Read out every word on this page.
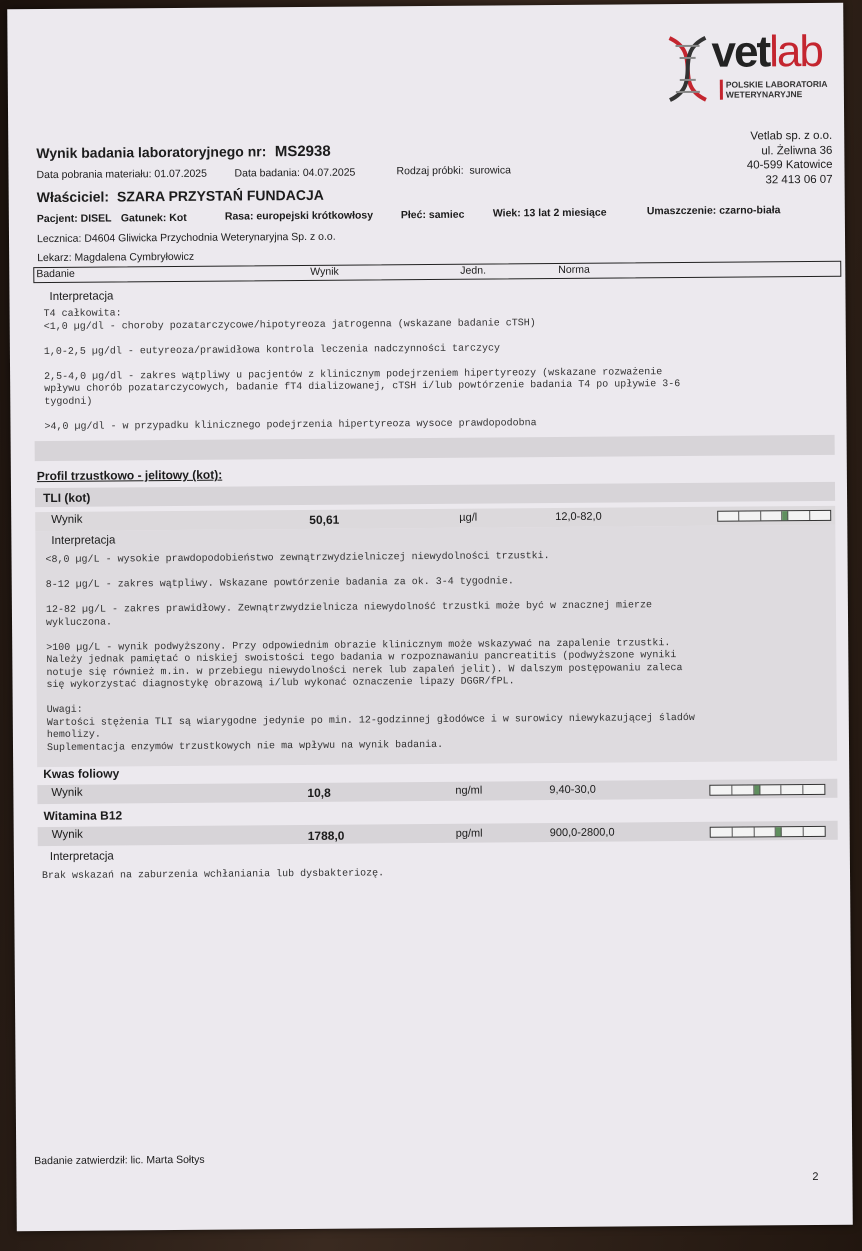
vetlab
POLSKIE LABORATORIA
WETERYNARYJNE
Vetlab sp. z o.o.
ul. Żeliwna 36
40-599 Katowice
32 413 06 07
Wynik badania laboratoryjnego nr: MS2938
Data pobrania materiału: 01.07.2025	Data badania: 04.07.2025	Rodzaj próbki: surowica
Właściciel: SZARA PRZYSTAŃ FUNDACJA
Pacjent: DISEL Gatunek: Kot	Rasa: europejski krótkowłosy	Płeć: samiec	Wiek: 13 lat 2 miesiące	Umaszczenie: czarno-biała
Lecznica: D4604 Gliwicka Przychodnia Weterynaryjna Sp. z o.o.
Lekarz: Magdalena Cymbryłowicz
Badanie	Wynik	Jedn.	Norma
Interpretacja
T4 całkowita:
<1,0 µg/dl - choroby pozatarczycowe/hipotyreoza jatrogenna (wskazane badanie cTSH)

1,0-2,5 µg/dl - eutyreoza/prawidłowa kontrola leczenia nadczynności tarczycy

2,5-4,0 µg/dl - zakres wątpliwy u pacjentów z klinicznym podejrzeniem hipertyreozy (wskazane rozważenie
wpływu chorób pozatarczycowych, badanie fT4 dializowanej, cTSH i/lub powtórzenie badania T4 po upływie 3-6
tygodni)

>4,0 µg/dl - w przypadku klinicznego podejrzenia hipertyreoza wysoce prawdopodobna
Profil trzustkowo - jelitowy (kot):
TLI (kot)
Wynik	50,61	µg/l	12,0-82,0
Interpretacja
<8,0 µg/L - wysokie prawdopodobieństwo zewnątrzwydzielniczej niewydolności trzustki.

8-12 µg/L - zakres wątpliwy. Wskazane powtórzenie badania za ok. 3-4 tygodnie.

12-82 µg/L - zakres prawidłowy. Zewnątrzwydzielnicza niewydolność trzustki może być w znacznej mierze
wykluczona.

>100 µg/L - wynik podwyższony. Przy odpowiednim obrazie klinicznym może wskazywać na zapalenie trzustki.
Należy jednak pamiętać o niskiej swoistości tego badania w rozpoznawaniu pancreatitis (podwyższone wyniki
notuje się również m.in. w przebiegu niewydolności nerek lub zapaleń jelit). W dalszym postępowaniu zaleca
się wykorzystać diagnostykę obrazową i/lub wykonać oznaczenie lipazy DGGR/fPL.

Uwagi:
Wartości stężenia TLI są wiarygodne jedynie po min. 12-godzinnej głodówce i w surowicy niewykazującej śladów
hemolizy.
Suplementacja enzymów trzustkowych nie ma wpływu na wynik badania.
Kwas foliowy
Wynik	10,8	ng/ml	9,40-30,0
Witamina B12
Wynik	1788,0	pg/ml	900,0-2800,0
Interpretacja
Brak wskazań na zaburzenia wchłaniania lub dysbakteriozę.
Badanie zatwierdził: lic. Marta Sołtys
2
